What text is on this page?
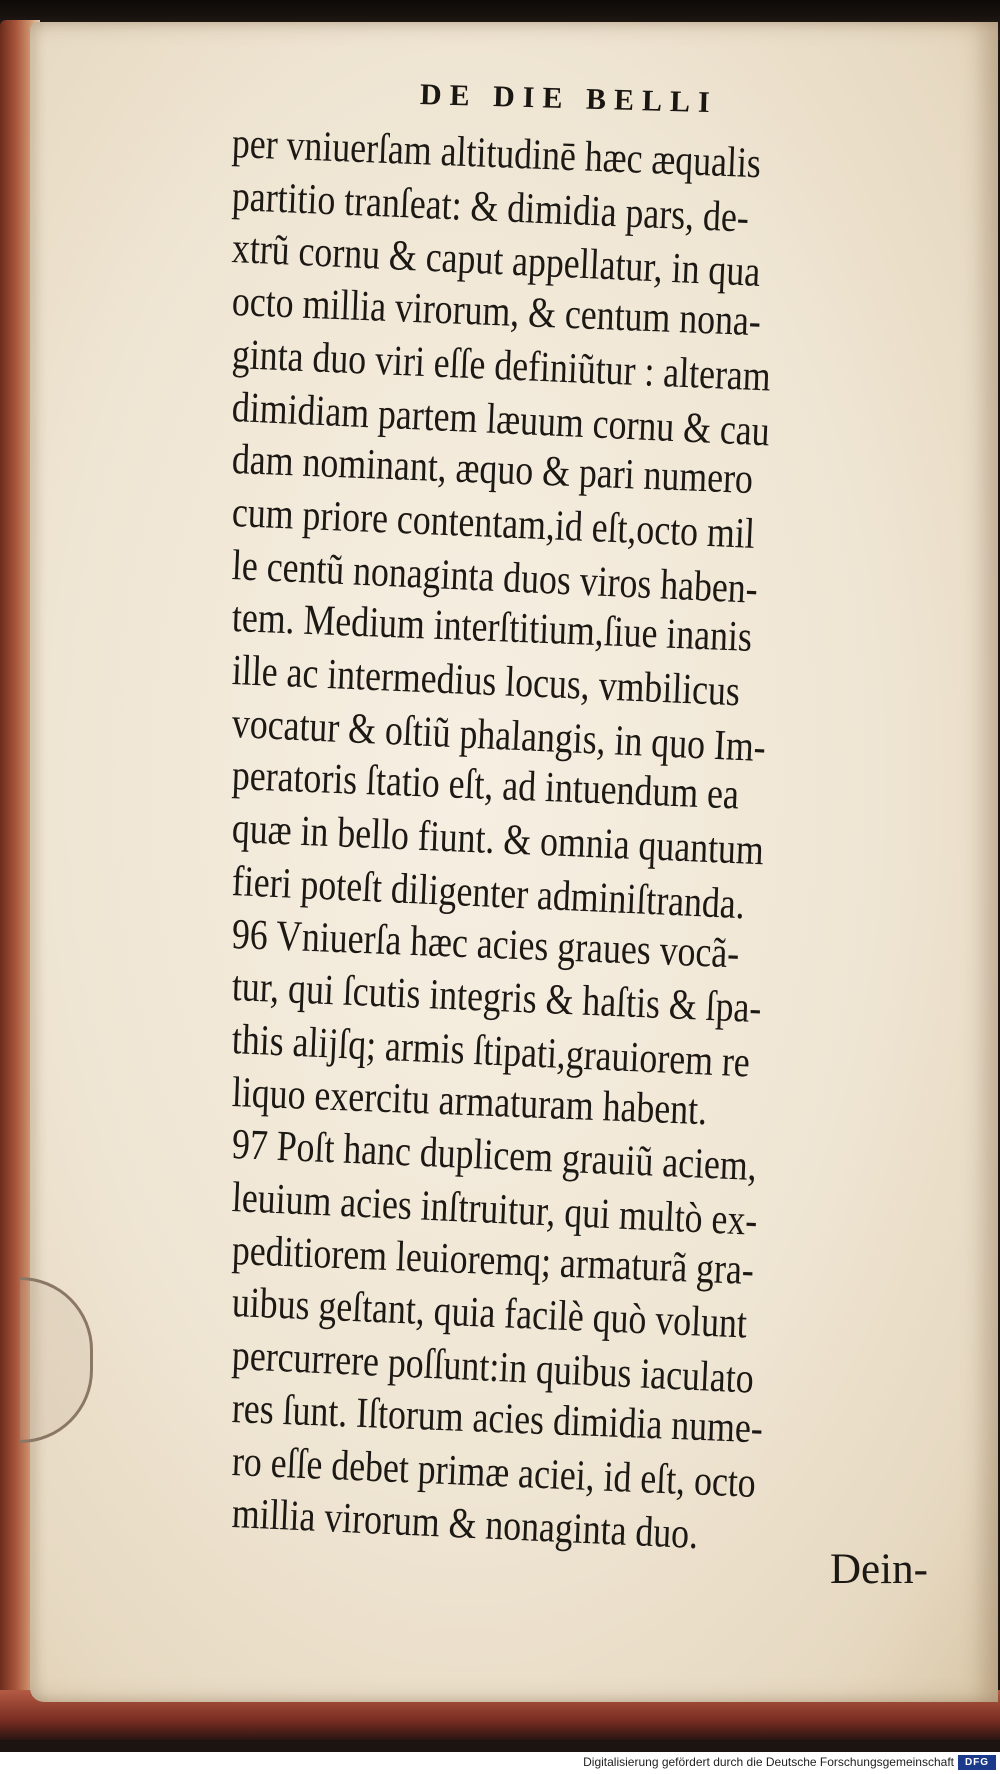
DE DIE BELLI
per vniuerſam altitudinē hæc æqualis
partitio tranſeat: & dimidia pars, de-
xtrũ cornu & caput appellatur, in qua
octo millia virorum, & centum nona-
ginta duo viri eſſe definiũtur : alteram
dimidiam partem læuum cornu & cau
dam nominant, æquo & pari numero
cum priore contentam,id eſt,octo mil
le centũ nonaginta duos viros haben-
tem. Medium interſtitium,ſiue inanis
ille ac intermedius locus, vmbilicus
vocatur & oſtiũ phalangis, in quo Im-
peratoris ſtatio eſt, ad intuendum ea
quæ in bello fiunt. & omnia quantum
fieri poteſt diligenter adminiſtranda.
96 Vniuerſa hæc acies graues vocã-
tur, qui ſcutis integris & haſtis & ſpa-
this alijſq; armis ſtipati,grauiorem re
liquo exercitu armaturam habent.
97 Poſt hanc duplicem grauiũ aciem,
leuium acies inſtruitur, qui multò ex-
peditiorem leuioremq; armaturã gra-
uibus geſtant, quia facilè quò volunt
percurrere poſſunt:in quibus iaculato
res ſunt. Iſtorum acies dimidia nume-
ro eſſe debet primæ aciei, id eſt, octo
millia virorum & nonaginta duo.
Dein-
Digitalisierung gefördert durch die Deutsche Forschungsgemeinschaft	DFG
